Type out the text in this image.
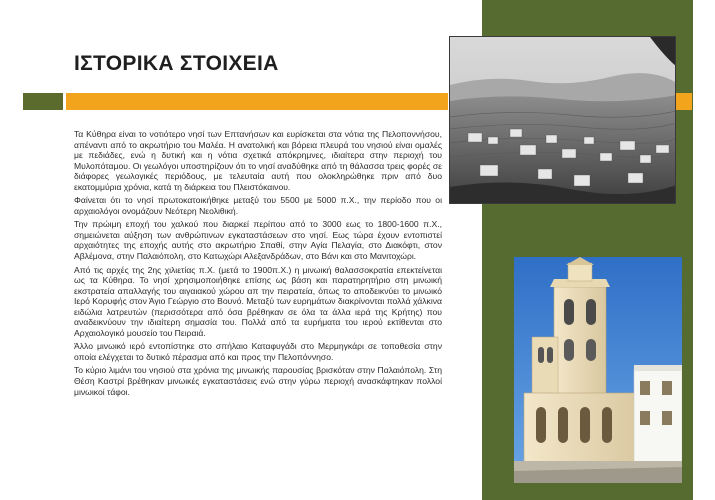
ΙΣΤΟΡΙΚΑ ΣΤΟΙΧΕΙΑ

Τα Κύθηρα είναι το νοτιότερο νησί των Επτανήσων και ευρίσκεται στα νότια της Πελοποννήσου, απέναντι από το ακρωτήριο του Μαλέα. Η ανατολική και βόρεια πλευρά του νησιού είναι ομαλές με πεδιάδες, ενώ η δυτική και η νότια σχετικά απόκρημνες, ιδιαίτερα στην περιοχή του Μυλοπόταμου. Οι γεωλόγοι υποστηρίζουν ότι το νησί αναδύθηκε από τη θάλασσα τρεις φορές σε διάφορες γεωλογικές περιόδους, με τελευταία αυτή που ολοκληρώθηκε πριν από δυο εκατομμύρια χρόνια, κατά τη διάρκεια του Πλειστόκαινου.

Φαίνεται ότι το νησί πρωτοκατοικήθηκε μεταξύ του 5500 με 5000 π.Χ., την περίοδο που οι αρχαιολόγοι ονομάζουν Νεότερη Νεολιθική.

Την πρώιμη εποχή του χαλκού που διαρκεί περίπου από το 3000 εως το 1800-1600 π.Χ., σημειώνεται αύξηση των ανθρώπινων εγκαταστάσεων στο νησί. Εως τώρα έχουν εντοπιστεί αρχαιότητες της εποχής αυτής στο ακρωτήριο Σπαθί, στην Αγία Πελαγία, στο Διακόφτι, στον Αβλέμονα, στην Παλαιόπολη, στο Κατωχώρι Αλεξανδράδων, στο Βάνι και στο Μανιτοχώρι.

Από τις αρχές της 2ης χιλιετίας π.Χ. (μετά το 1900π.Χ.) η μινωική θαλασσοκρατία επεκτείνεται ως τα Κύθηρα. Το νησί χρησιμοποιήθηκε επίσης ως βάση και παρατηρητήριο στη μινωική εκστρατεία απαλλαγής του αιγαιακού χώρου απ την πειρατεία, όπως το αποδεικνύει το μινωικό Ιερό Κορυφής στον Άγιο Γεώργιο στο Βουνό. Μεταξύ των ευρημάτων διακρίνονται πολλά χάλκινα ειδώλια λατρευτών (περισσότερα από όσα βρέθηκαν σε όλα τα άλλα ιερά της Κρήτης) που αναδεικνύουν την ιδιαίτερη σημασία του. Πολλά από τα ευρήματα του ιερού εκτίθενται στο Αρχαιολογικό μουσείο του Πειραιά.

Άλλο μινωικό ιερό εντοπίστηκε στο σπήλαιο Καταφυγάδι στο Μερμηγκάρι σε τοποθεσία στην οποία ελέγχεται το δυτικό πέρασμα από και προς την Πελοπόννησο.

Το κύριο λιμάνι του νησιού στα χρόνια της μινωικής παρουσίας βρισκόταν στην Παλαιόπολη. Στη Θέση Καστρί βρέθηκαν μινωικές εγκαταστάσεις ενώ στην γύρω περιοχή ανασκάφτηκαν πολλοί μινωικοί τάφοι.
